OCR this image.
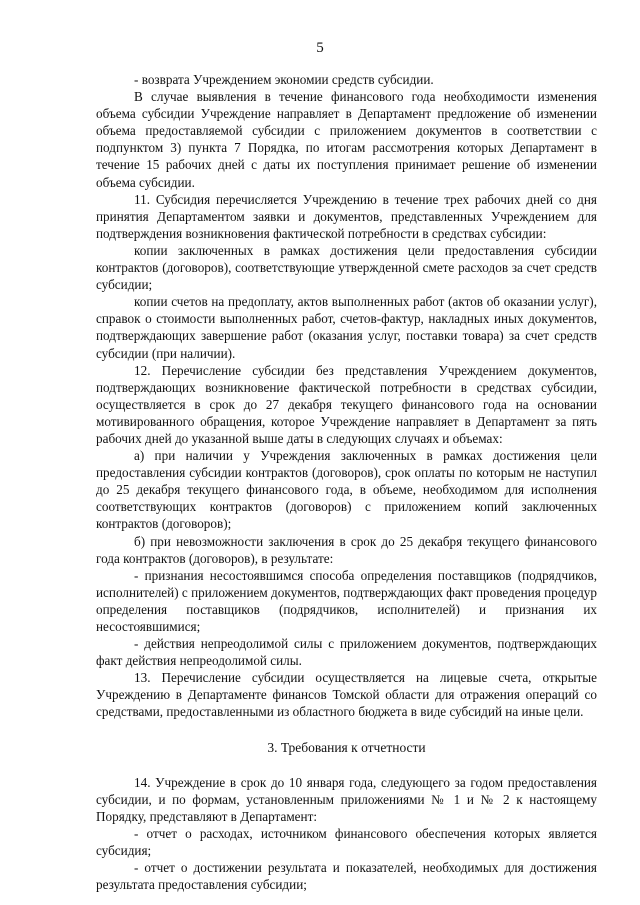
5

- возврата Учреждением экономии средств субсидии.

В случае выявления в течение финансового года необходимости изменения объема субсидии Учреждение направляет в Департамент предложение об изменении объема предоставляемой субсидии с приложением документов в соответствии с подпунктом 3) пункта 7 Порядка, по итогам рассмотрения которых Департамент в течение 15 рабочих дней с даты их поступления принимает решение об изменении объема субсидии.

11. Субсидия перечисляется Учреждению в течение трех рабочих дней со дня принятия Департаментом заявки и документов, представленных Учреждением для подтверждения возникновения фактической потребности в средствах субсидии:

копии заключенных в рамках достижения цели предоставления субсидии контрактов (договоров), соответствующие утвержденной смете расходов за счет средств субсидии;

копии счетов на предоплату, актов выполненных работ (актов об оказании услуг), справок о стоимости выполненных работ, счетов-фактур, накладных иных документов, подтверждающих завершение работ (оказания услуг, поставки товара) за счет средств субсидии (при наличии).

12. Перечисление субсидии без представления Учреждением документов, подтверждающих возникновение фактической потребности в средствах субсидии, осуществляется в срок до 27 декабря текущего финансового года на основании мотивированного обращения, которое Учреждение направляет в Департамент за пять рабочих дней до указанной выше даты в следующих случаях и объемах:

а) при наличии у Учреждения заключенных в рамках достижения цели предоставления субсидии контрактов (договоров), срок оплаты по которым не наступил до 25 декабря текущего финансового года, в объеме, необходимом для исполнения соответствующих контрактов (договоров) с приложением копий заключенных контрактов (договоров);

б) при невозможности заключения в срок до 25 декабря текущего финансового года контрактов (договоров), в результате:

- признания несостоявшимся способа определения поставщиков (подрядчиков, исполнителей) с приложением документов, подтверждающих факт проведения процедур определения поставщиков (подрядчиков, исполнителей) и признания их несостоявшимися;

- действия непреодолимой силы с приложением документов, подтверждающих факт действия непреодолимой силы.

13. Перечисление субсидии осуществляется на лицевые счета, открытые Учреждению в Департаменте финансов Томской области для отражения операций со средствами, предоставленными из областного бюджета в виде субсидий на иные цели.

3. Требования к отчетности

14. Учреждение в срок до 10 января года, следующего за годом предоставления субсидии, и по формам, установленным приложениями № 1 и № 2 к настоящему Порядку, представляют в Департамент:

- отчет о расходах, источником финансового обеспечения которых является субсидия;

- отчет о достижении результата и показателей, необходимых для достижения результата предоставления субсидии;
